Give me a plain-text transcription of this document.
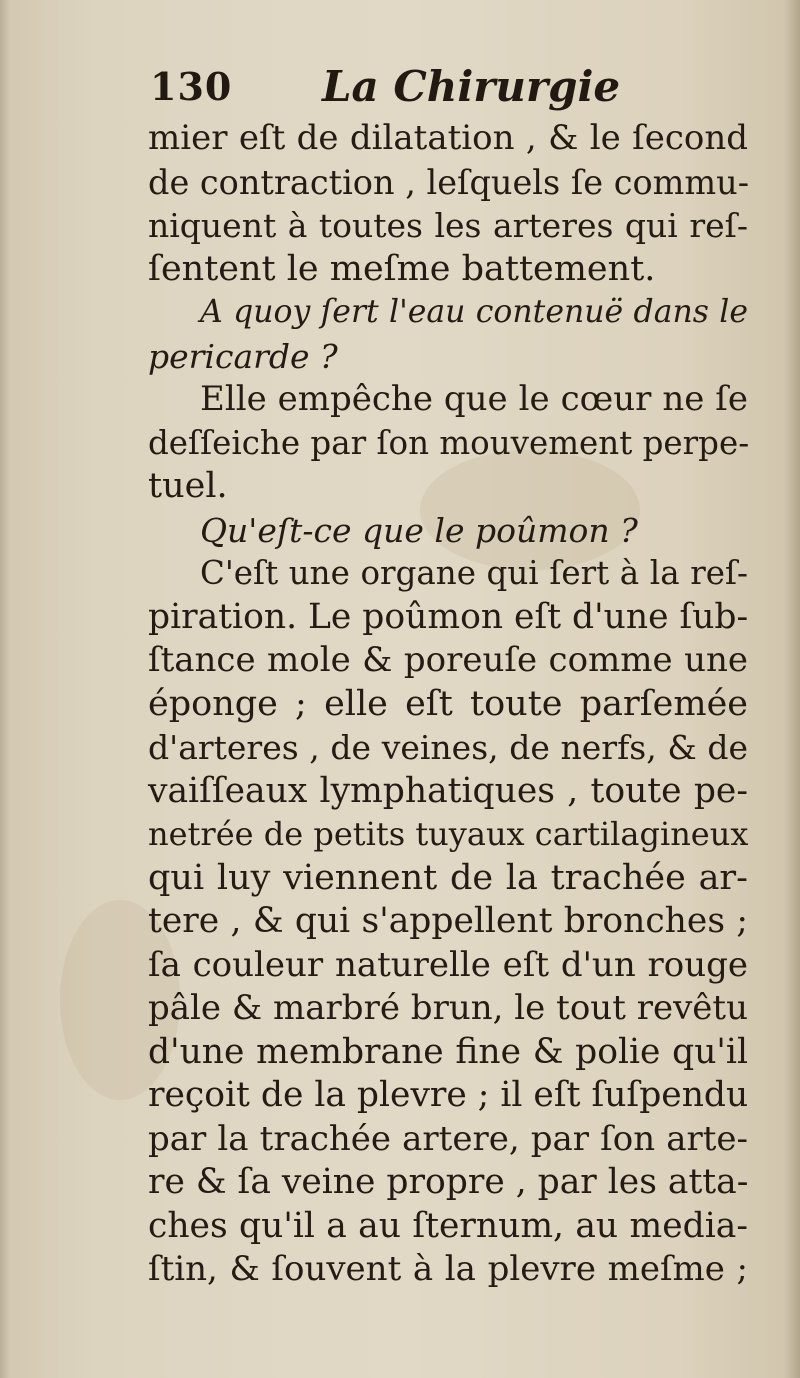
130 La Chirurgie
mier eſt de dilatation , & le ſecond
de contraction , leſquels ſe commu-
niquent à toutes les arteres qui reſ-
ſentent le meſme battement.
A quoy ſert l'eau contenuë dans le
pericarde ?
Elle empêche que le cœur ne ſe
deſſeiche par ſon mouvement perpe-
tuel.
Qu'eſt-ce que le poûmon ?
C'eſt une organe qui ſert à la reſ-
piration. Le poûmon eſt d'une ſub-
ſtance mole & poreuſe comme une
éponge ; elle eſt toute parſemée
d'arteres , de veines, de nerfs, & de
vaiſſeaux lymphatiques , toute pe-
netrée de petits tuyaux cartilagineux
qui luy viennent de la trachée ar-
tere , & qui s'appellent bronches ;
ſa couleur naturelle eſt d'un rouge
pâle & marbré brun, le tout revêtu
d'une membrane fine & polie qu'il
reçoit de la plevre ; il eſt ſuſpendu
par la trachée artere, par ſon arte-
re & ſa veine propre , par les atta-
ches qu'il a au ſternum, au media-
ſtin, & ſouvent à la plevre meſme ;
